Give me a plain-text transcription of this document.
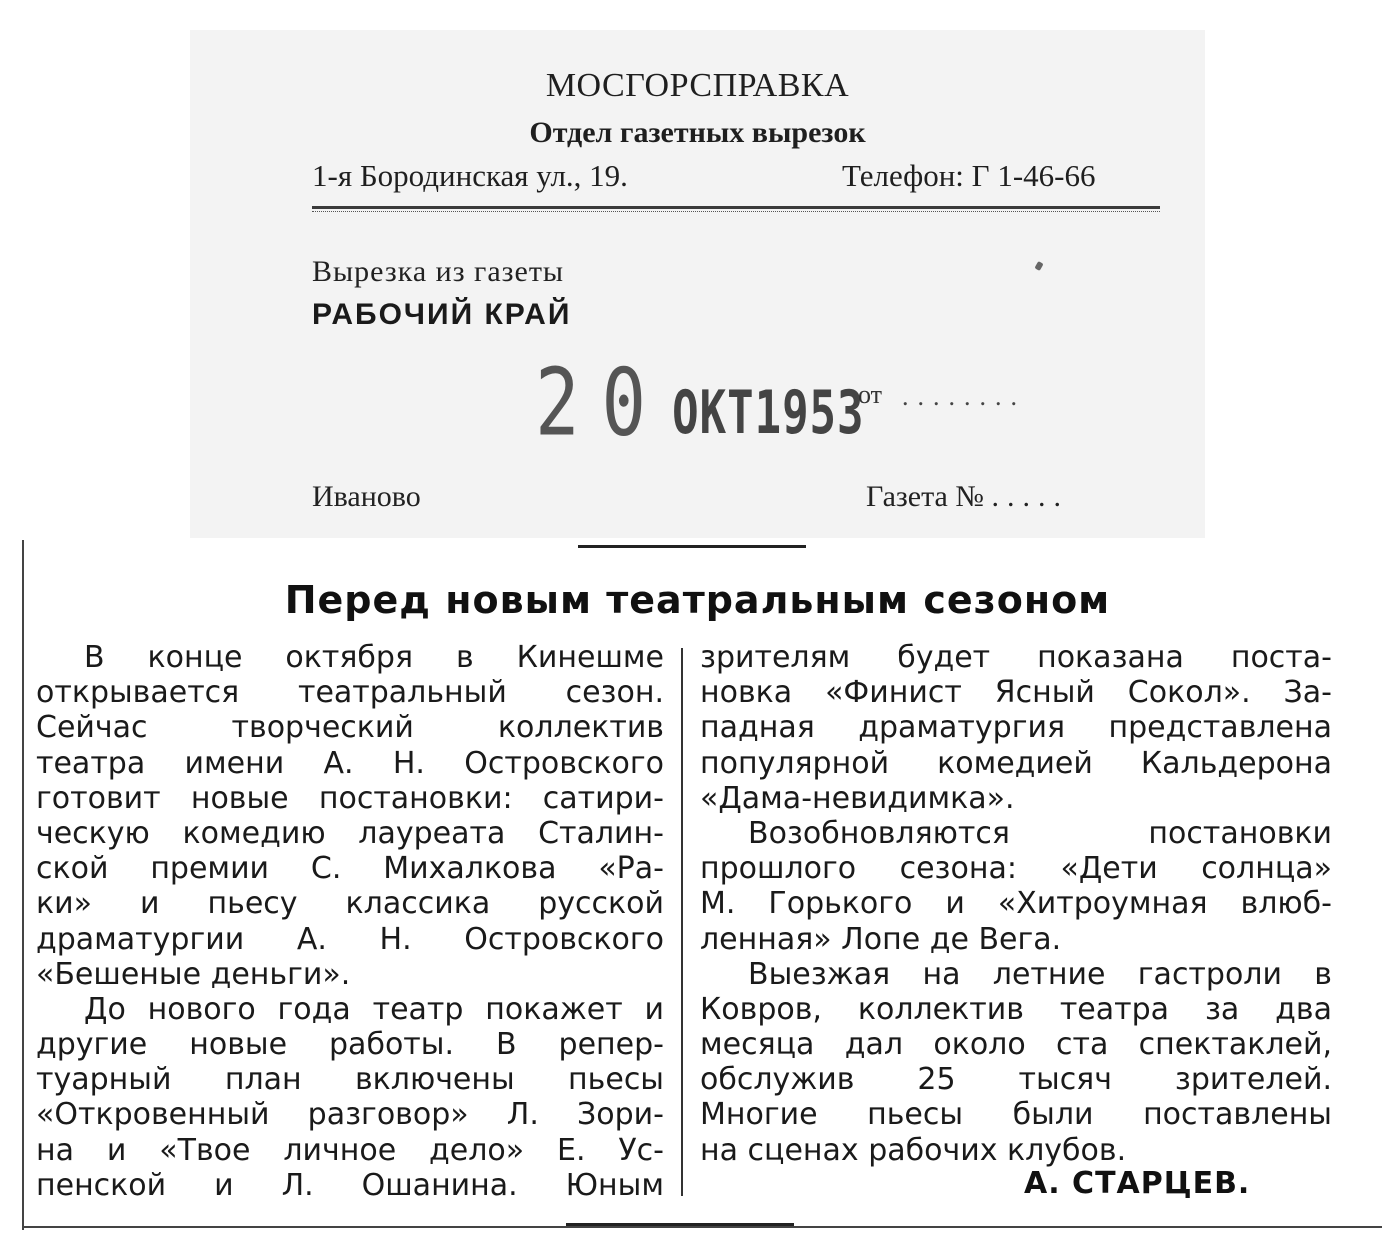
МОСГОРСПРАВКА
Отдел газетных вырезок
1-я Бородинская ул., 19.	Телефон: Г 1-46-66
Вырезка из газеты
РАБОЧИЙ КРАЙ
20ОКТ1953
от ........
Иваново	Газета № .....
Перед новым театральным сезоном
В конце октября в Кинешме
открывается театральный сезон.
Сейчас творческий коллектив
театра имени А. Н. Островского
готовит новые постановки: сатири-
ческую комедию лауреата Сталин-
ской премии С. Михалкова «Ра-
ки» и пьесу классика русской
драматургии А. Н. Островского
«Бешеные деньги».
До нового года театр покажет и
другие новые работы. В репер-
туарный план включены пьесы
«Откровенный разговор» Л. Зори-
на и «Твое личное дело» Е. Ус-
пенской и Л. Ошанина. Юным
зрителям будет показана поста-
новка «Финист Ясный Сокол». За-
падная драматургия представлена
популярной комедией Кальдерона
«Дама-невидимка».
Возобновляются постановки
прошлого сезона: «Дети солнца»
М. Горького и «Хитроумная влюб-
ленная» Лопе де Вега.
Выезжая на летние гастроли в
Ковров, коллектив театра за два
месяца дал около ста спектаклей,
обслужив 25 тысяч зрителей.
Многие пьесы были поставлены
на сценах рабочих клубов.
А. СТАРЦЕВ.
